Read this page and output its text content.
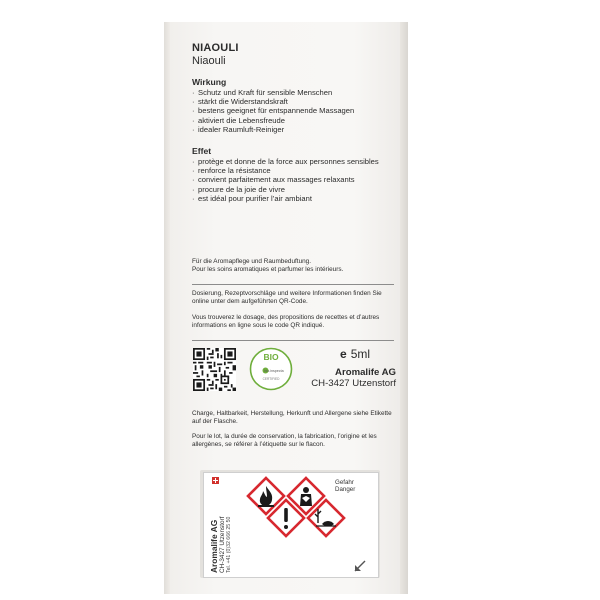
NIAOULI
Niaouli
Wirkung
· Schutz und Kraft für sensible Menschen
· stärkt die Widerstandskraft
· bestens geeignet für entspannende Massagen
· aktiviert die Lebensfreude
· idealer Raumluft-Reiniger
Effet
· protège et donne de la force aux personnes sensibles
· renforce la résistance
· convient parfaitement aux massages relaxants
· procure de la joie de vivre
· est idéal pour purifier l’air ambiant
Für die Aromapflege und Raumbeduftung.
Pour les soins aromatiques et parfumer les intérieurs.
Dosierung, Rezeptvorschläge und weitere Informationen finden Sie online unter dem aufgeführten QR-Code.
Vous trouverez le dosage, des propositions de recettes et d’autres informations en ligne sous le code QR indiqué.
BIO
bio.inspecta
CERTIFIED
e 5ml
Aromalife AG
CH-3427 Utzenstorf
Charge, Haltbarkeit, Herstellung, Herkunft und Allergene siehe Etikette auf der Flasche.
Pour le lot, la durée de conservation, la fabrication, l’origine et les allergènes, se référer à l’étiquette sur le flacon.
Aromalife AG CH-3427 Utzenstorf Tel. +41 (0)32 666 25 50
Gefahr
Danger
